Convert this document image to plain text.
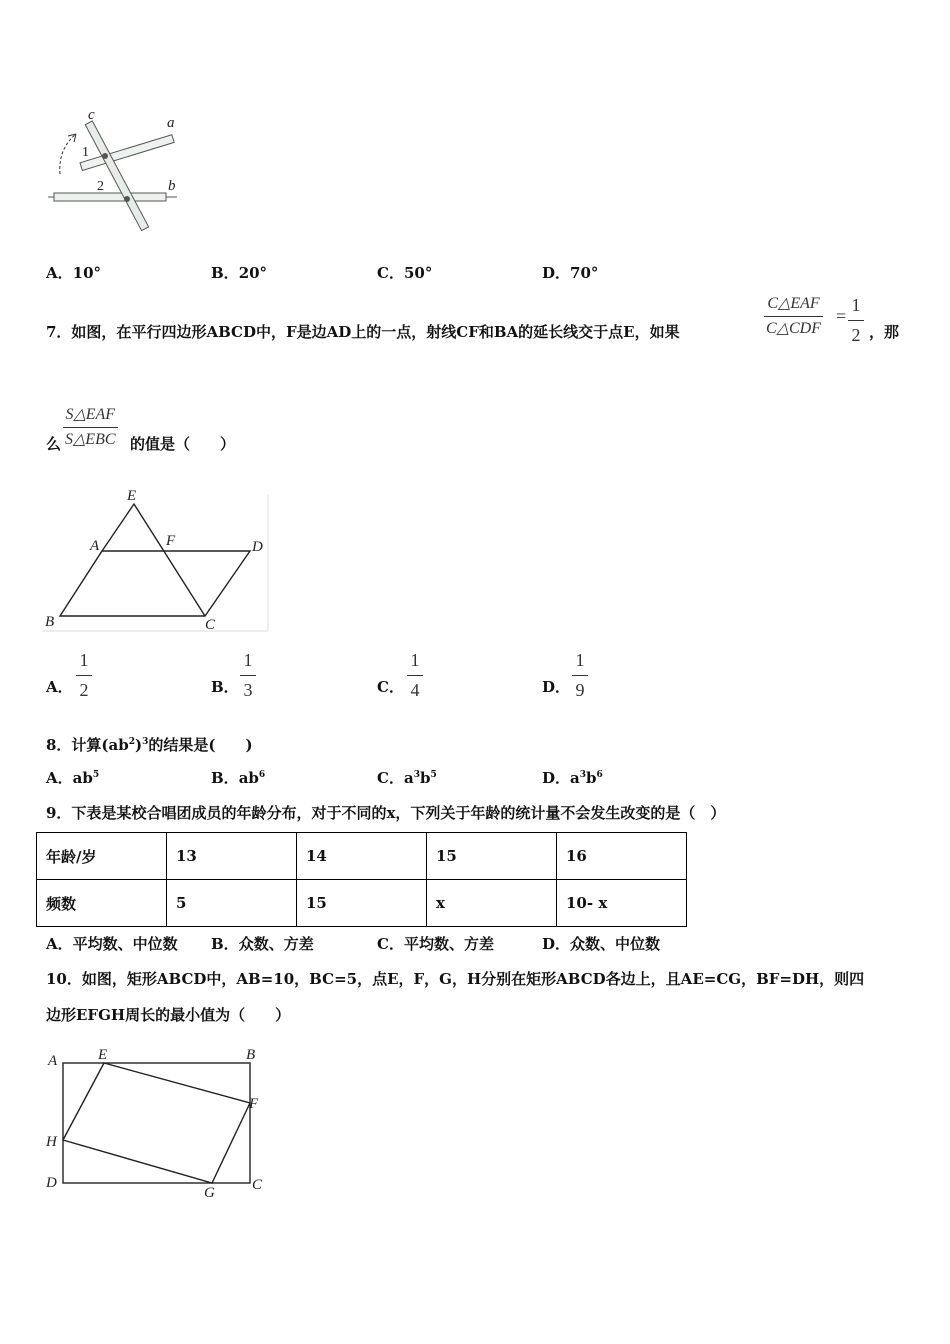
c	a
b
1
2
A．10°	B．20°	C．50°	D．70°
7．如图，在平行四边形ABCD中，F是边AD上的一点，射线CF和BA的延长线交于点E，如果
C△EAF
C△CDF
=
1
2 ，那
么
S△EAF
S△EBC 的值是（　　）
E
A	F	D
B	C
A．
1
2	B．
1
3	C．
1
4	D．
1
9
8．计算$(ab^2)^3$的结果是(　　)
A．$ab^5$	B．$ab^6$	C．$a^3b^5$	D．$a^3b^6$
9．下表是某校合唱团成员的年龄分布，对于不同的x，下列关于年龄的统计量不会发生改变的是（　）
年龄/岁	13	14	15	16
频数	5	15	x	10- x
A．平均数、中位数 B．众数、方差	C．平均数、方差	D．众数、中位数
10．如图，矩形ABCD中，AB=10，BC=5，点E，F，G，H分别在矩形ABCD各边上，且AE=CG，BF=DH，则四
边形EFGH周长的最小值为（　　）
A	E	B
F
H
D
G C
